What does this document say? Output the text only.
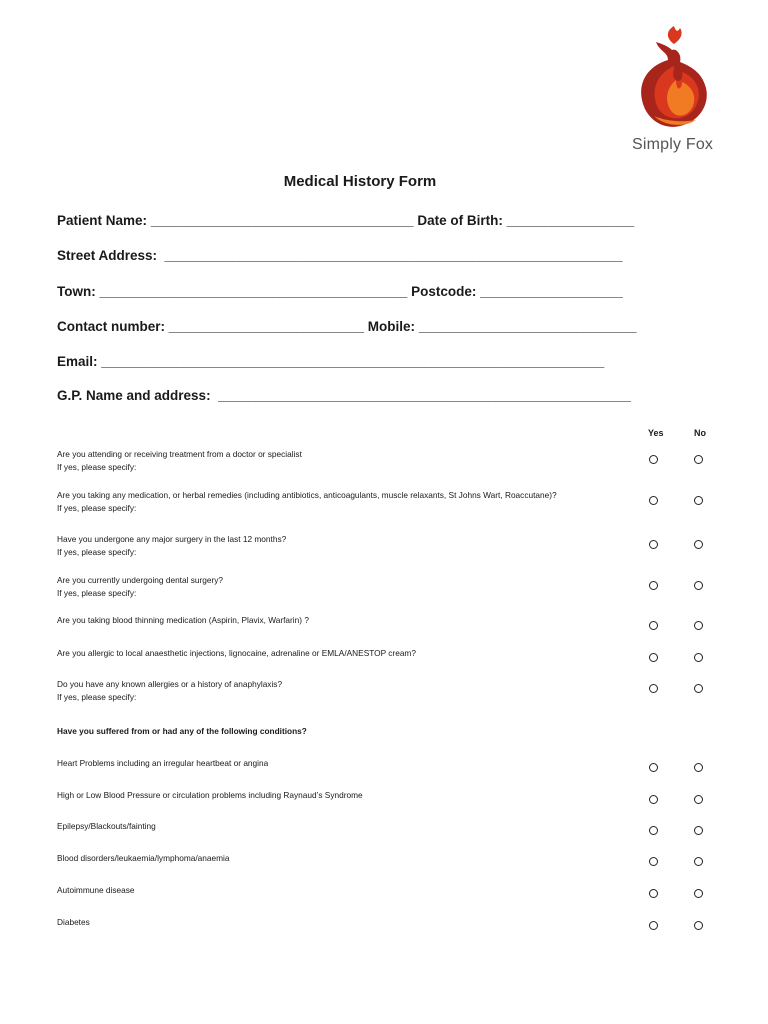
Simply Fox
Medical History Form
Patient Name: ___________________________________ Date of Birth: _________________
Street Address:  _____________________________________________________________
Town: _________________________________________ Postcode: ___________________
Contact number: __________________________ Mobile: _____________________________
Email: ___________________________________________________________________
G.P. Name and address:  _______________________________________________________
Yes	No
Are you attending or receiving treatment from a doctor or specialist
If yes, please specify:
Are you taking any medication, or herbal remedies (including antibiotics, anticoagulants, muscle relaxants, St Johns Wart, Roaccutane)?
If yes, please specify:
Have you undergone any major surgery in the last 12 months?
If yes, please specify:
Are you currently undergoing dental surgery?
If yes, please specify:
Are you taking blood thinning medication (Aspirin, Plavix, Warfarin) ?
Are you allergic to local anaesthetic injections, lignocaine, adrenaline or EMLA/ANESTOP cream?
Do you have any known allergies or a history of anaphylaxis?
If yes, please specify:
Have you suffered from or had any of the following conditions?
Heart Problems including an irregular heartbeat or angina
High or Low Blood Pressure or circulation problems including Raynaud’s Syndrome
Epilepsy/Blackouts/fainting
Blood disorders/leukaemia/lymphoma/anaemia
Autoimmune disease
Diabetes
